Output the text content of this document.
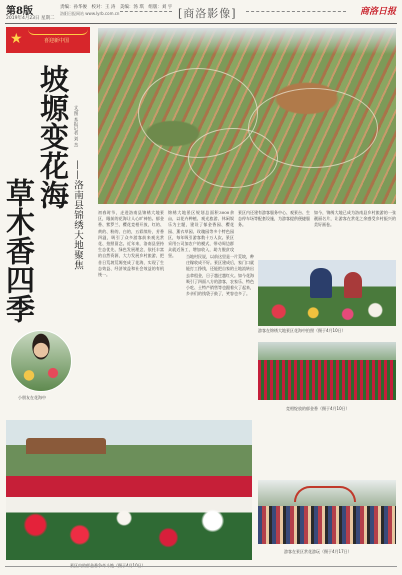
第8版
2019年4月23日 星期二
责编：孙华俊　校对：王 涛　美编：汤 琪　组版：刘 宇
洛阳日报网站 www.lyrb.com.cn	[商洛影像]	商洛日报
★	喜迎新中国
坡塬变花海
草木香四季	——洛南县锦绣大地聚焦
文/图 本报记者 刘 杰
初春时节，走进洛南县锦绣大地景区，眼前的花海让人心旷神怡。郁金香、紫罗兰、樱花竞相开放，红的、黄的、粉的、白的，五彩缤纷，芳香四溢，吸引了众多游客前来观光赏花、拍照留念。近年来，洛南县坚持生态优先、绿色发展理念，依托丰富的自然资源，大力发展乡村旅游，把昔日荒坡荒塬变成了花海，实现了生态效益、经济效益和社会效益的有机统一。
锦绣大地景区规划总面积3000余亩，以花卉种植、观光旅游、休闲娱乐为主题，建设了郁金香园、樱花园、薰衣草园、玫瑰园等多个特色园区，每年吸引游客数十万人次。景区采用公司加农户的模式，带动周边群众就近务工，增加收入，助力脱贫攻坚。	当地村民说，以前这里是一片荒坡，种庄稼收成不好。景区建成后，家门口就能打工挣钱，还能把自家的土地流转出去拿租金，日子越过越红火。如今花海吸引了四面八方的游客，农家乐、特色小吃、土特产销售等也跟着火了起来，乡亲们的钱袋子鼓了，笑容也多了。
景区内还建有游客服务中心、观景台、生态停车场等配套设施，为游客提供便捷服务。
如今，锦绣大地已成为洛南县乡村旅游的一张靓丽名片，让游客在赏花之余感受乡村振兴的美好画卷。
游客在锦绣大地景区花海中拍照（摄于4月10日）
竞相绽放的郁金香（摄于4月10日）
游客在景区赏花游玩（摄于4月17日）
景区内的郁金香争奇斗艳（摄于4月10日）
小朋友在花海中
